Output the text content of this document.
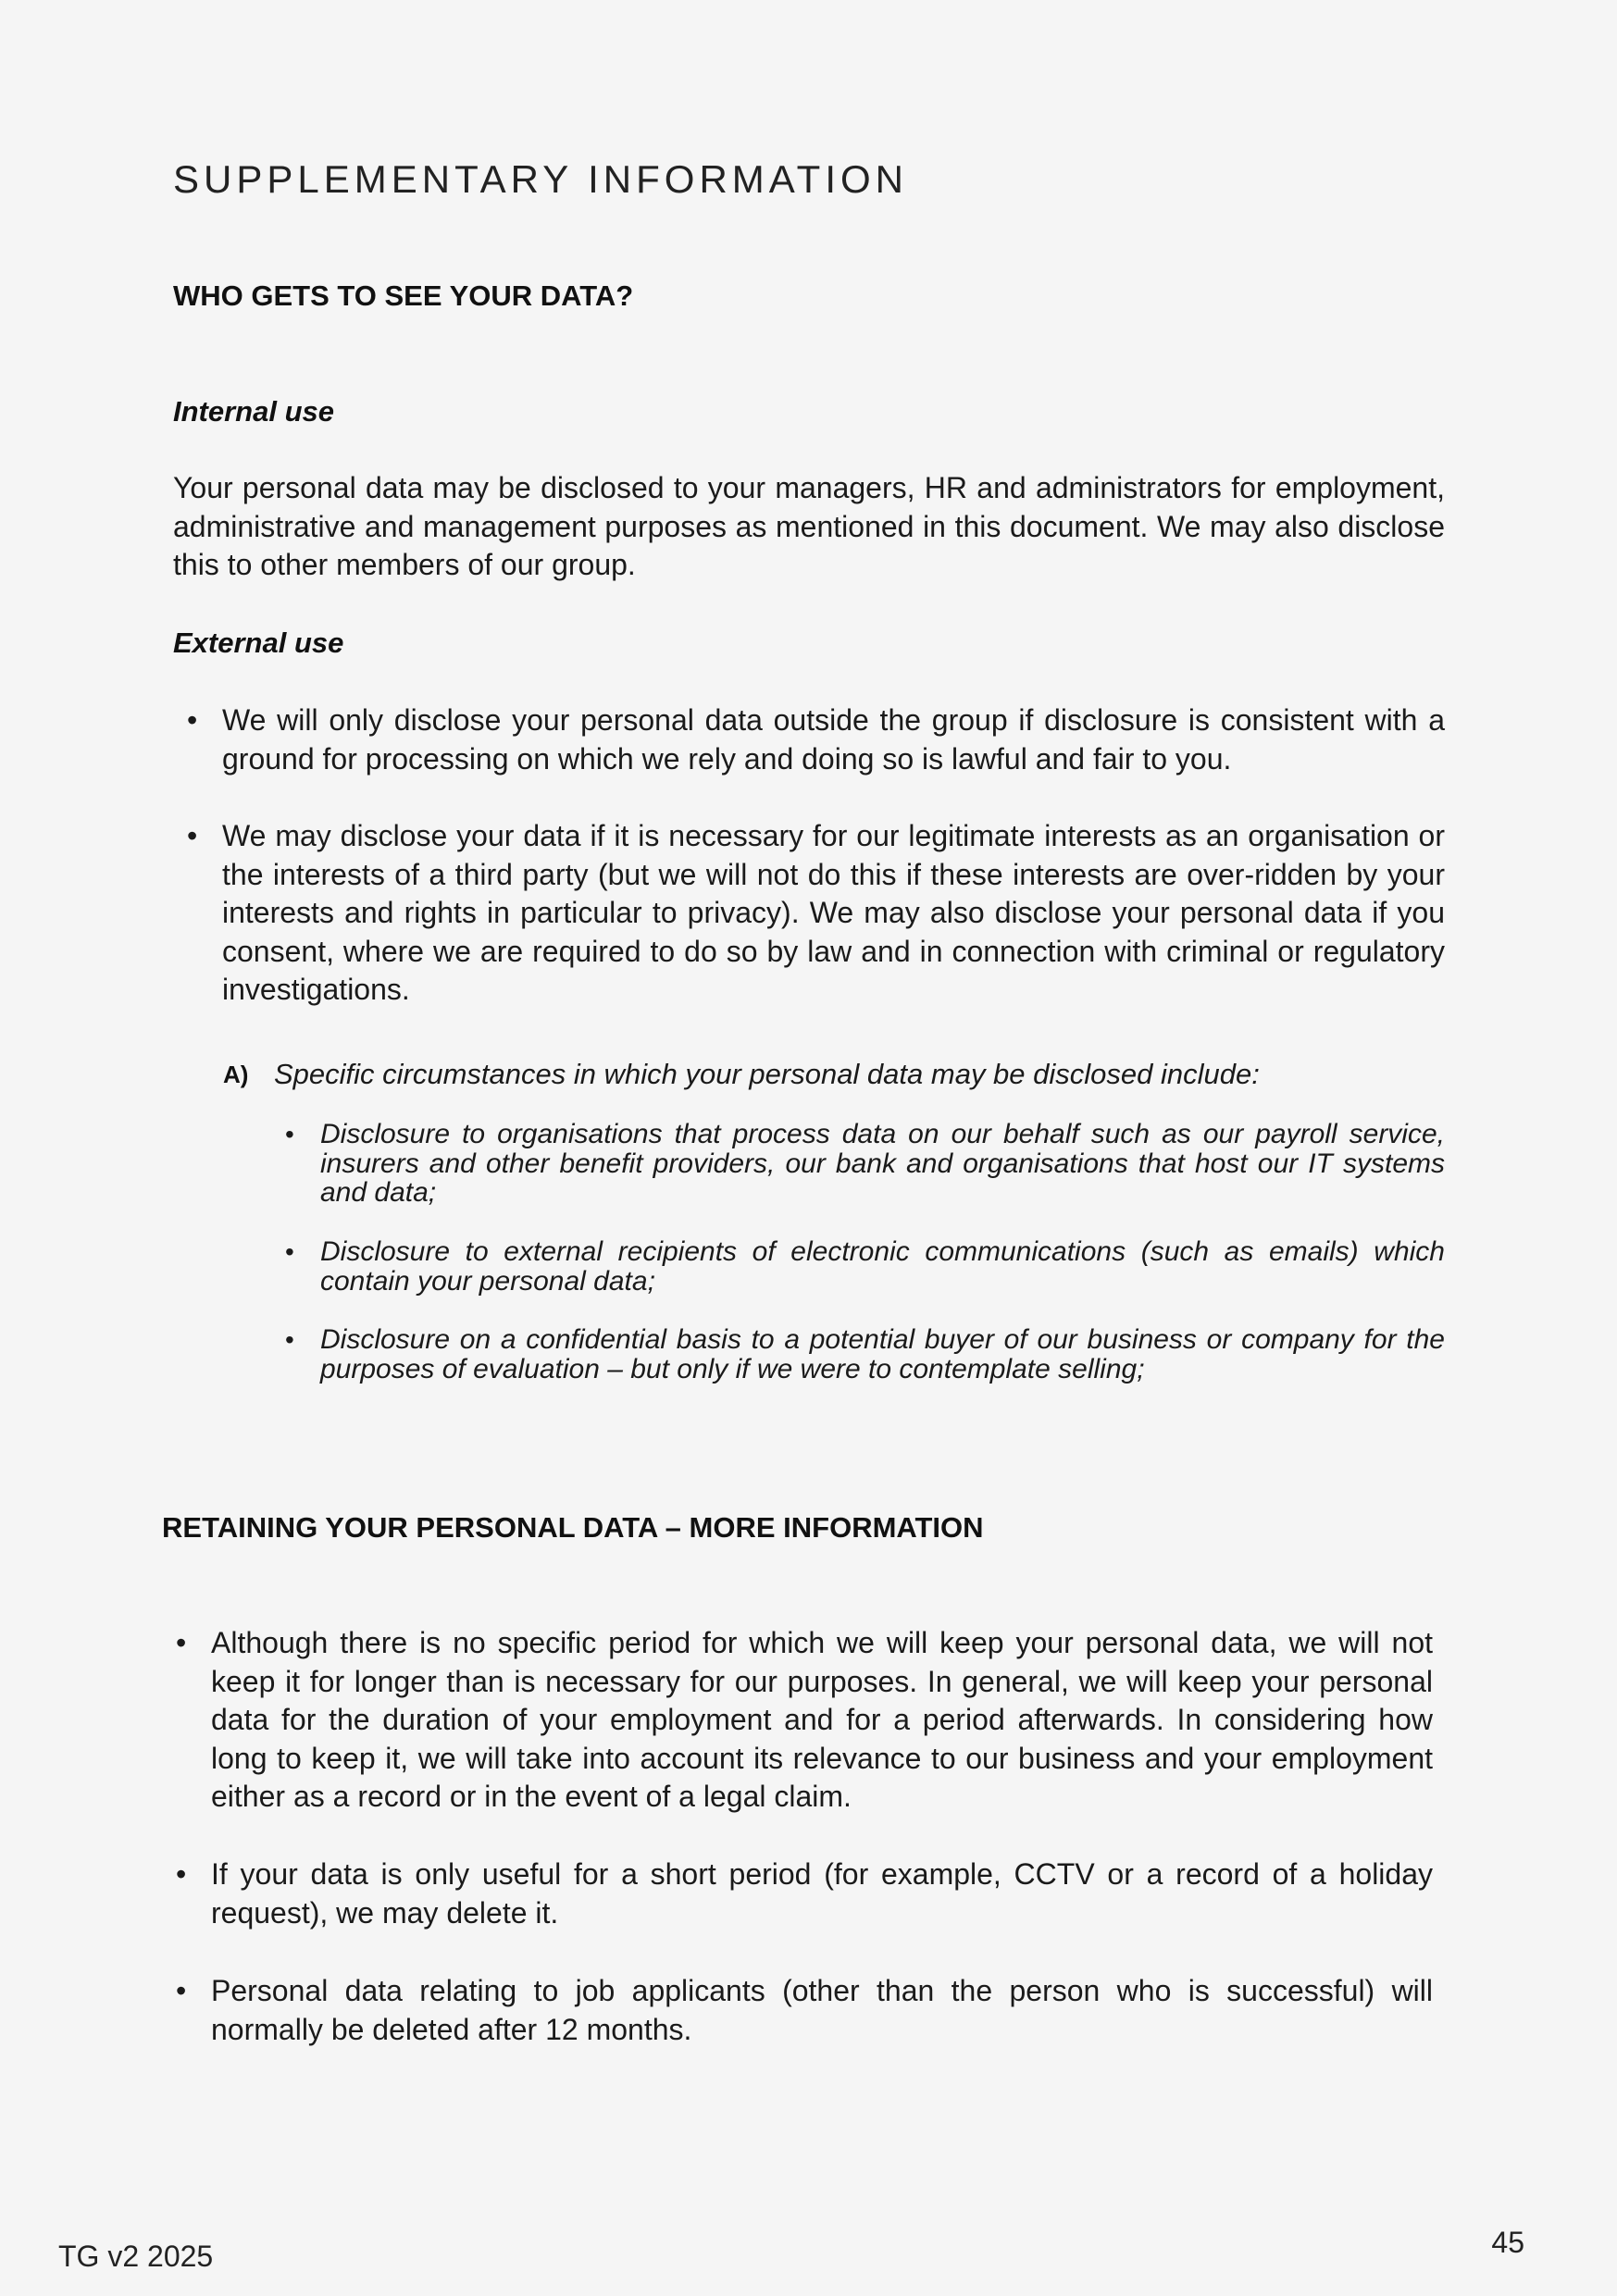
SUPPLEMENTARY INFORMATION
WHO GETS TO SEE YOUR DATA?
Internal use

Your personal data may be disclosed to your managers, HR and administrators for employment, administrative and management purposes as mentioned in this document. We may also disclose this to other members of our group.

External use
• We will only disclose your personal data outside the group if disclosure is consistent with a ground for processing on which we rely and doing so is lawful and fair to you.
• We may disclose your data if it is necessary for our legitimate interests as an organisation or the interests of a third party (but we will not do this if these interests are over-ridden by your interests and rights in particular to privacy). We may also disclose your personal data if you consent, where we are required to do so by law and in connection with criminal or regulatory investigations.
A) Specific circumstances in which your personal data may be disclosed include:
• Disclosure to organisations that process data on our behalf such as our payroll service, insurers and other benefit providers, our bank and organisations that host our IT systems and data;
• Disclosure to external recipients of electronic communications (such as emails) which contain your personal data;
• Disclosure on a confidential basis to a potential buyer of our business or company for the purposes of evaluation – but only if we were to contemplate selling;
RETAINING YOUR PERSONAL DATA – MORE INFORMATION
• Although there is no specific period for which we will keep your personal data, we will not keep it for longer than is necessary for our purposes. In general, we will keep your personal data for the duration of your employment and for a period afterwards. In considering how long to keep it, we will take into account its relevance to our business and your employment either as a record or in the event of a legal claim.
• If your data is only useful for a short period (for example, CCTV or a record of a holiday request), we may delete it.
• Personal data relating to job applicants (other than the person who is successful) will normally be deleted after 12 months.
TG v2 2025	45
